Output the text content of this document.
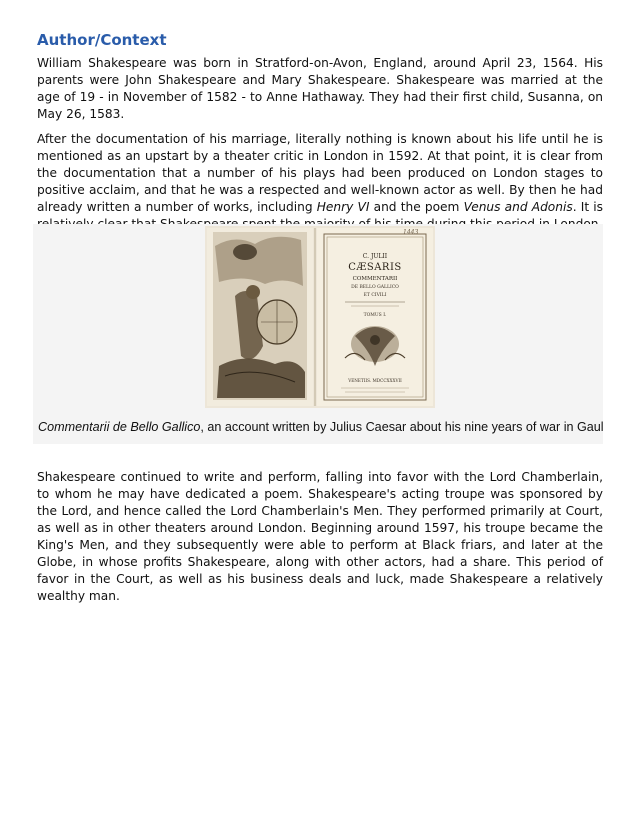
Author/Context

William Shakespeare was born in Stratford-on-Avon, England, around April 23, 1564. His parents were John Shakespeare and Mary Shakespeare. Shakespeare was married at the age of 19 - in November of 1582 - to Anne Hathaway. They had their first child, Susanna, on May 26, 1583.

After the documentation of his marriage, literally nothing is known about his life until he is mentioned as an upstart by a theater critic in London in 1592. At that point, it is clear from the documentation that a number of his plays had been produced on London stages to positive acclaim, and that he was a respected and well-known actor as well. By then he had already written a number of works, including Henry VI and the poem Venus and Adonis. It is

1443
C. JULII
CÆSARIS
COMMENTARII
DE BELLO GALLICO
ET CIVILI
TOMUS I.
VENETIIS. MDCCXXXVII
Commentarii de Bello Gallico, an account written by Julius Caesar about his nine years of war in Gaul

Shakespeare continued to write and perform, falling into favor with the Lord Chamberlain, to whom he may have dedicated a poem. Shakespeare's acting troupe was sponsored by the Lord, and hence called the Lord Chamberlain's Men. They performed primarily at Court, as well as in other theaters around London. Beginning around 1597, his troupe became the King's Men, and they subsequently were able to perform at Black friars, and later at the Globe, in whose profits Shakespeare, along with other actors, had a share. This period of favor in the Court, as well as his business deals and luck, made Shakespeare a relatively wealthy man.
